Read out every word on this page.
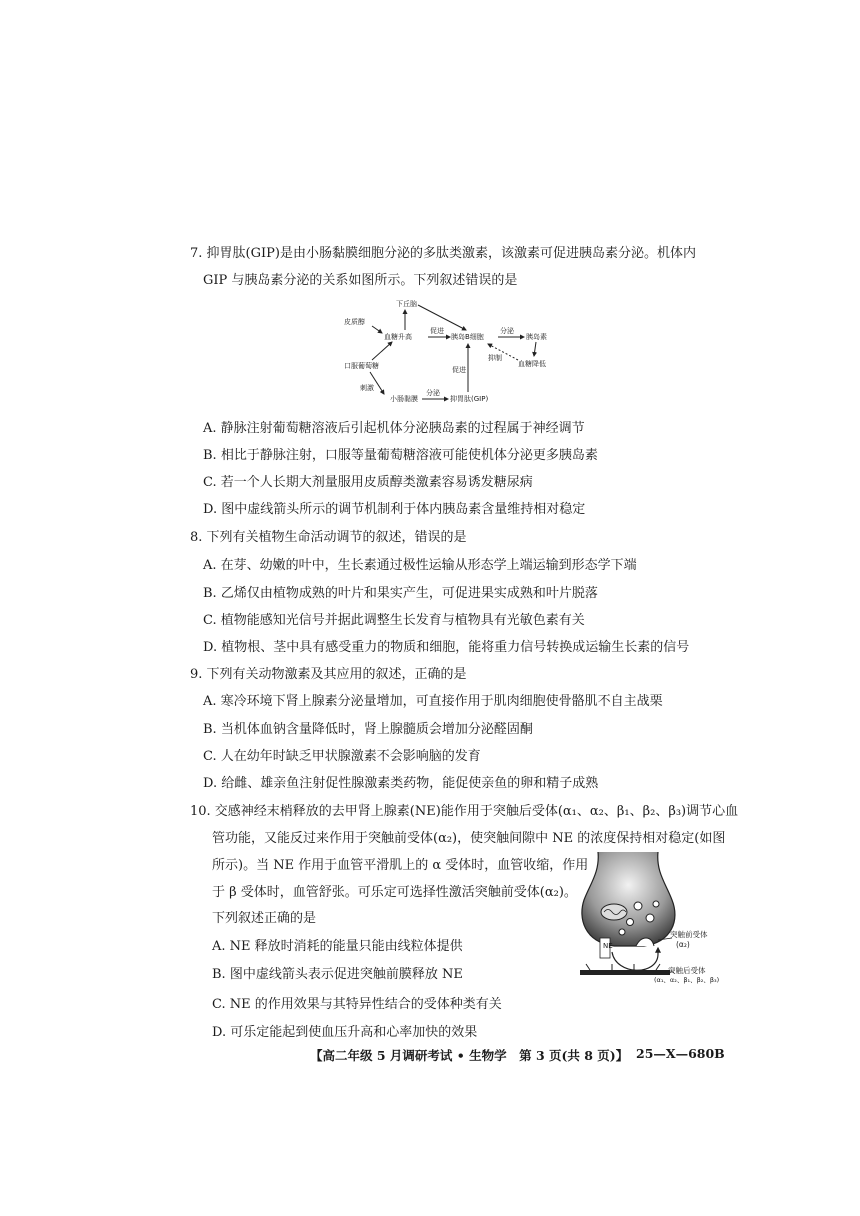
7. 抑胃肽(GIP)是由小肠黏膜细胞分泌的多肽类激素，该激素可促进胰岛素分泌。机体内
GIP 与胰岛素分泌的关系如图所示。下列叙述错误的是
下丘脑
皮质醇
血糖升高
促进
胰岛B细胞
分泌
胰岛素
抑制
血糖降低
口服葡萄糖
刺激
促进
小肠黏膜
分泌
抑胃肽(GIP)
A. 静脉注射葡萄糖溶液后引起机体分泌胰岛素的过程属于神经调节
B. 相比于静脉注射，口服等量葡萄糖溶液可能使机体分泌更多胰岛素
C. 若一个人长期大剂量服用皮质醇类激素容易诱发糖尿病
D. 图中虚线箭头所示的调节机制利于体内胰岛素含量维持相对稳定
8. 下列有关植物生命活动调节的叙述，错误的是
A. 在芽、幼嫩的叶中，生长素通过极性运输从形态学上端运输到形态学下端
B. 乙烯仅由植物成熟的叶片和果实产生，可促进果实成熟和叶片脱落
C. 植物能感知光信号并据此调整生长发育与植物具有光敏色素有关
D. 植物根、茎中具有感受重力的物质和细胞，能将重力信号转换成运输生长素的信号
9. 下列有关动物激素及其应用的叙述，正确的是
A. 寒冷环境下肾上腺素分泌量增加，可直接作用于肌肉细胞使骨骼肌不自主战栗
B. 当机体血钠含量降低时，肾上腺髓质会增加分泌醛固酮
C. 人在幼年时缺乏甲状腺激素不会影响脑的发育
D. 给雌、雄亲鱼注射促性腺激素类药物，能促使亲鱼的卵和精子成熟
10. 交感神经末梢释放的去甲肾上腺素(NE)能作用于突触后受体(α₁、α₂、β₁、β₂、β₃)调节心血
管功能，又能反过来作用于突触前受体(α₂)，使突触间隙中 NE 的浓度保持相对稳定(如图
所示)。当 NE 作用于血管平滑肌上的 α 受体时，血管收缩，作用
于 β 受体时，血管舒张。可乐定可选择性激活突触前受体(α₂)。
下列叙述正确的是
A. NE 释放时消耗的能量只能由线粒体提供
B. 图中虚线箭头表示促进突触前膜释放 NE
C. NE 的作用效果与其特异性结合的受体种类有关
D. 可乐定能起到使血压升高和心率加快的效果
NE
突触前受体
(α₂)
突触后受体
(α₁、α₂、β₁、β₂、β₃)
【高二年级 5 月调研考试 • 生物学　第 3 页(共 8 页)】 25—X—680B
